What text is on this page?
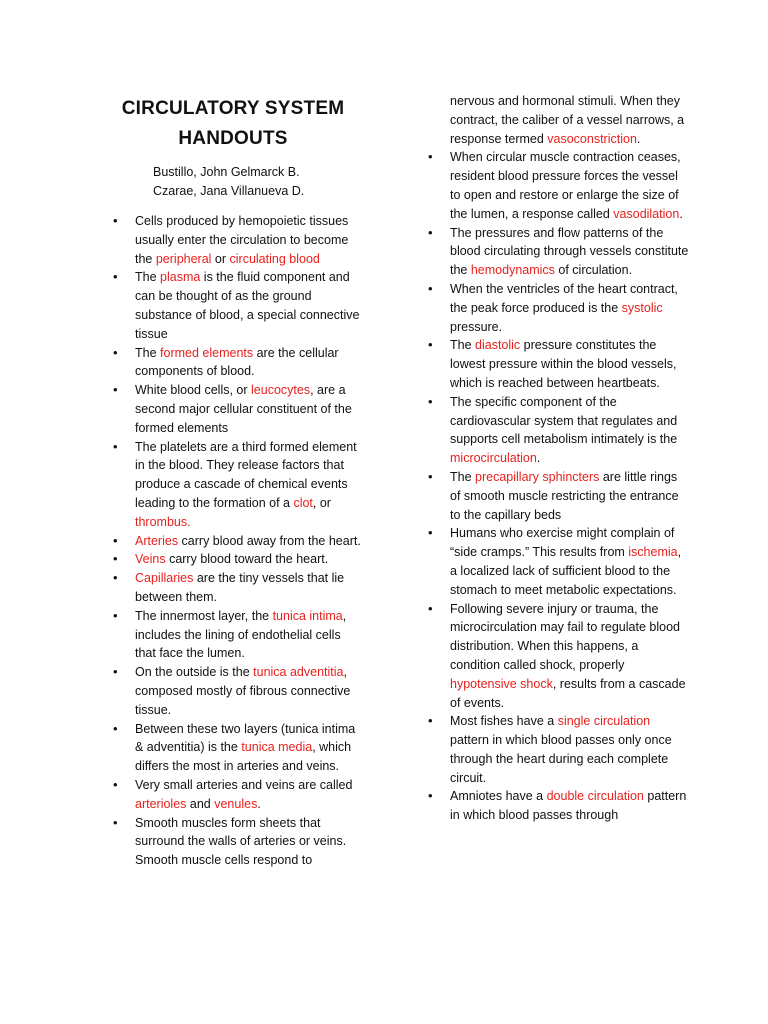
CIRCULATORY SYSTEM
HANDOUTS
Bustillo, John Gelmarck B.
Czarae, Jana Villanueva D.
• Cells produced by hemopoietic tissues usually enter the circulation to become the peripheral or circulating blood
• The plasma is the fluid component and can be thought of as the ground substance of blood, a special connective tissue
• The formed elements are the cellular components of blood.
• White blood cells, or leucocytes, are a second major cellular constituent of the formed elements
• The platelets are a third formed element in the blood. They release factors that produce a cascade of chemical events leading to the formation of a clot, or thrombus.
• Arteries carry blood away from the heart.
• Veins carry blood toward the heart.
• Capillaries are the tiny vessels that lie between them.
• The innermost layer, the tunica intima, includes the lining of endothelial cells that face the lumen.
• On the outside is the tunica adventitia, composed mostly of fibrous connective tissue.
• Between these two layers (tunica intima & adventitia) is the tunica media, which differs the most in arteries and veins.
• Very small arteries and veins are called arterioles and venules.
• Smooth muscles form sheets that surround the walls of arteries or veins. Smooth muscle cells respond to
nervous and hormonal stimuli. When they contract, the caliber of a vessel narrows, a response termed vasoconstriction.
• When circular muscle contraction ceases, resident blood pressure forces the vessel to open and restore or enlarge the size of the lumen, a response called vasodilation.
• The pressures and flow patterns of the blood circulating through vessels constitute the hemodynamics of circulation.
• When the ventricles of the heart contract, the peak force produced is the systolic pressure.
• The diastolic pressure constitutes the lowest pressure within the blood vessels, which is reached between heartbeats.
• The specific component of the cardiovascular system that regulates and supports cell metabolism intimately is the microcirculation.
• The precapillary sphincters are little rings of smooth muscle restricting the entrance to the capillary beds
• Humans who exercise might complain of “side cramps.” This results from ischemia, a localized lack of sufficient blood to the stomach to meet metabolic expectations.
• Following severe injury or trauma, the microcirculation may fail to regulate blood distribution. When this happens, a condition called shock, properly hypotensive shock, results from a cascade of events.
• Most fishes have a single circulation pattern in which blood passes only once through the heart during each complete circuit.
• Amniotes have a double circulation pattern in which blood passes through
